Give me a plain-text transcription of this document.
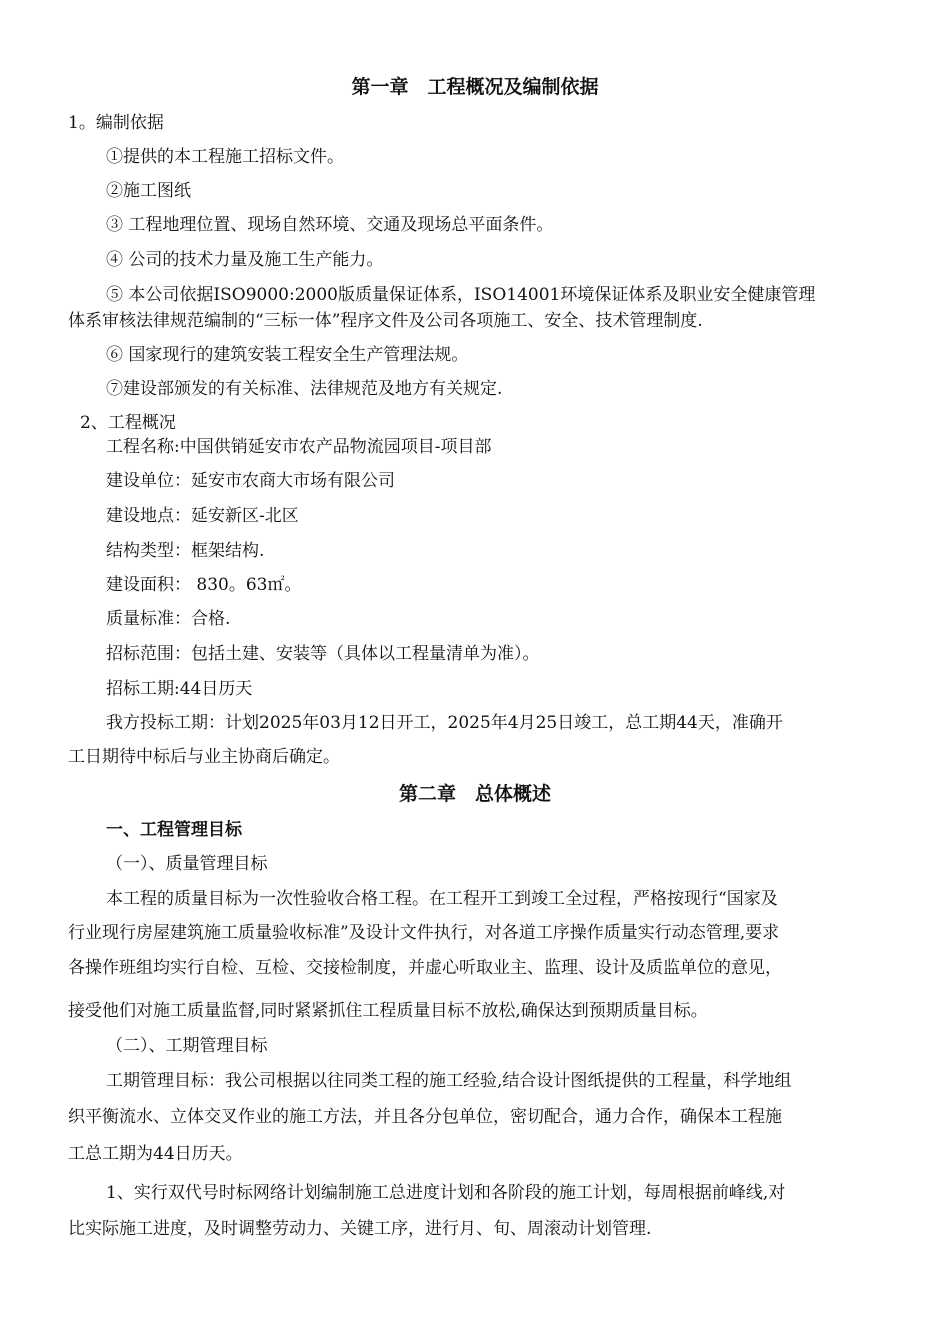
第一章　工程概况及编制依据
1。编制依据
①提供的本工程施工招标文件。
②施工图纸
③ 工程地理位置、现场自然环境、交通及现场总平面条件。
④ 公司的技术力量及施工生产能力。
⑤ 本公司依据ISO9000:2000版质量保证体系，ISO14001环境保证体系及职业安全健康管理
体系审核法律规范编制的“三标一体”程序文件及公司各项施工、安全、技术管理制度.
⑥ 国家现行的建筑安装工程安全生产管理法规。
⑦建设部颁发的有关标准、法律规范及地方有关规定.
2、工程概况
工程名称:中国供销延安市农产品物流园项目-项目部
建设单位：延安市农商大市场有限公司
建设地点：延安新区-北区
结构类型：框架结构.
建设面积： 830。63㎡。
质量标准：合格.
招标范围：包括土建、安装等（具体以工程量清单为准）。
招标工期:44日历天
我方投标工期：计划2025年03月12日开工，2025年4月25日竣工，总工期44天，准确开
工日期待中标后与业主协商后确定。
第二章　总体概述
一、工程管理目标
（一）、质量管理目标
本工程的质量目标为一次性验收合格工程。在工程开工到竣工全过程，严格按现行“国家及
行业现行房屋建筑施工质量验收标准”及设计文件执行，对各道工序操作质量实行动态管理,要求
各操作班组均实行自检、互检、交接检制度，并虚心听取业主、监理、设计及质监单位的意见，
接受他们对施工质量监督,同时紧紧抓住工程质量目标不放松,确保达到预期质量目标。
（二）、工期管理目标
工期管理目标：我公司根据以往同类工程的施工经验,结合设计图纸提供的工程量，科学地组
织平衡流水、立体交叉作业的施工方法，并且各分包单位，密切配合，通力合作，确保本工程施
工总工期为44日历天。
1、实行双代号时标网络计划编制施工总进度计划和各阶段的施工计划，每周根据前峰线,对
比实际施工进度，及时调整劳动力、关键工序，进行月、旬、周滚动计划管理.
